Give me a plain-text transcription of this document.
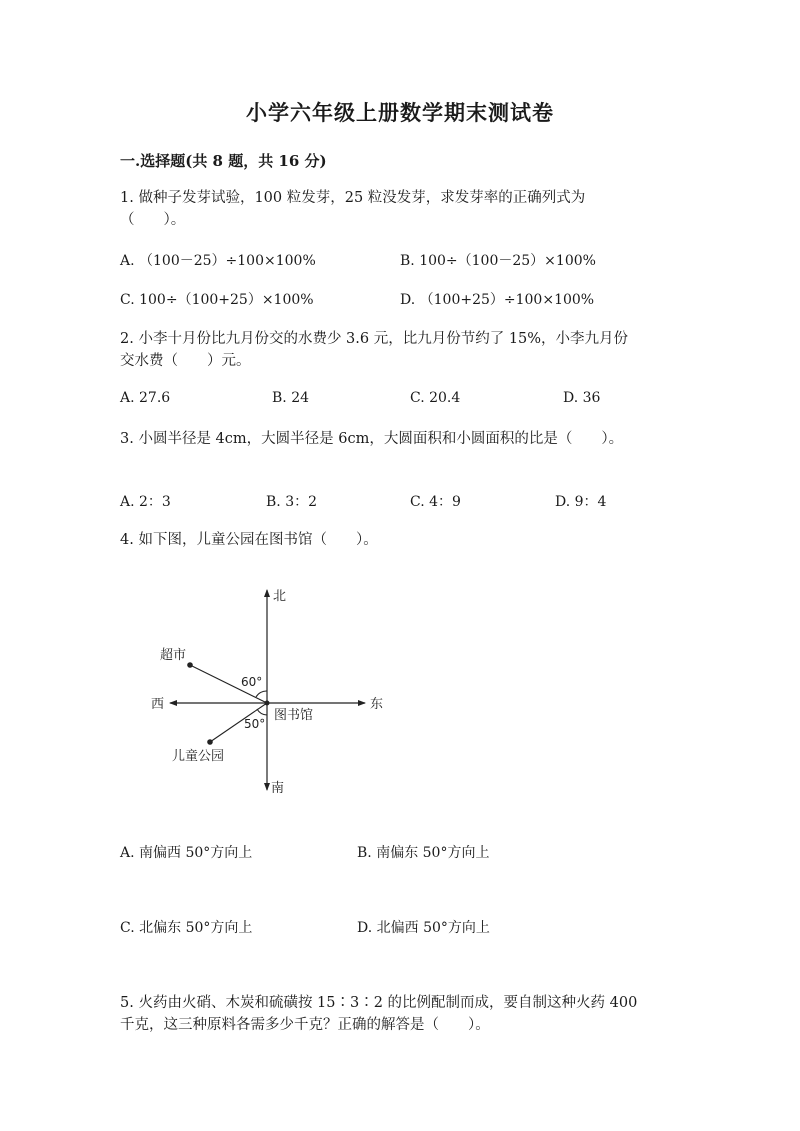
小学六年级上册数学期末测试卷
一.选择题(共 8 题，共 16 分)
1. 做种子发芽试验，100 粒发芽，25 粒没发芽，求发芽率的正确列式为
（　　）。
A. （100－25）÷100×100%	B. 100÷（100－25）×100%
C. 100÷（100+25）×100%	D. （100+25）÷100×100%
2. 小李十月份比九月份交的水费少 3.6 元，比九月份节约了 15%，小李九月份
交水费（　　）元。
A. 27.6	B. 24	C. 20.4	D. 36
3. 小圆半径是 4cm，大圆半径是 6cm，大圆面积和小圆面积的比是（　　）。
A. 2：3	B. 3：2	C. 4：9	D. 9：4
4. 如下图，儿童公园在图书馆（　　）。
北
南
东
西
图书馆
超市
儿童公园
60°
50°
A. 南偏西 50°方向上	B. 南偏东 50°方向上
C. 北偏东 50°方向上	D. 北偏西 50°方向上
5. 火药由火硝、木炭和硫磺按 15∶3∶2 的比例配制而成，要自制这种火药 400
千克，这三种原料各需多少千克？正确的解答是（　　）。
